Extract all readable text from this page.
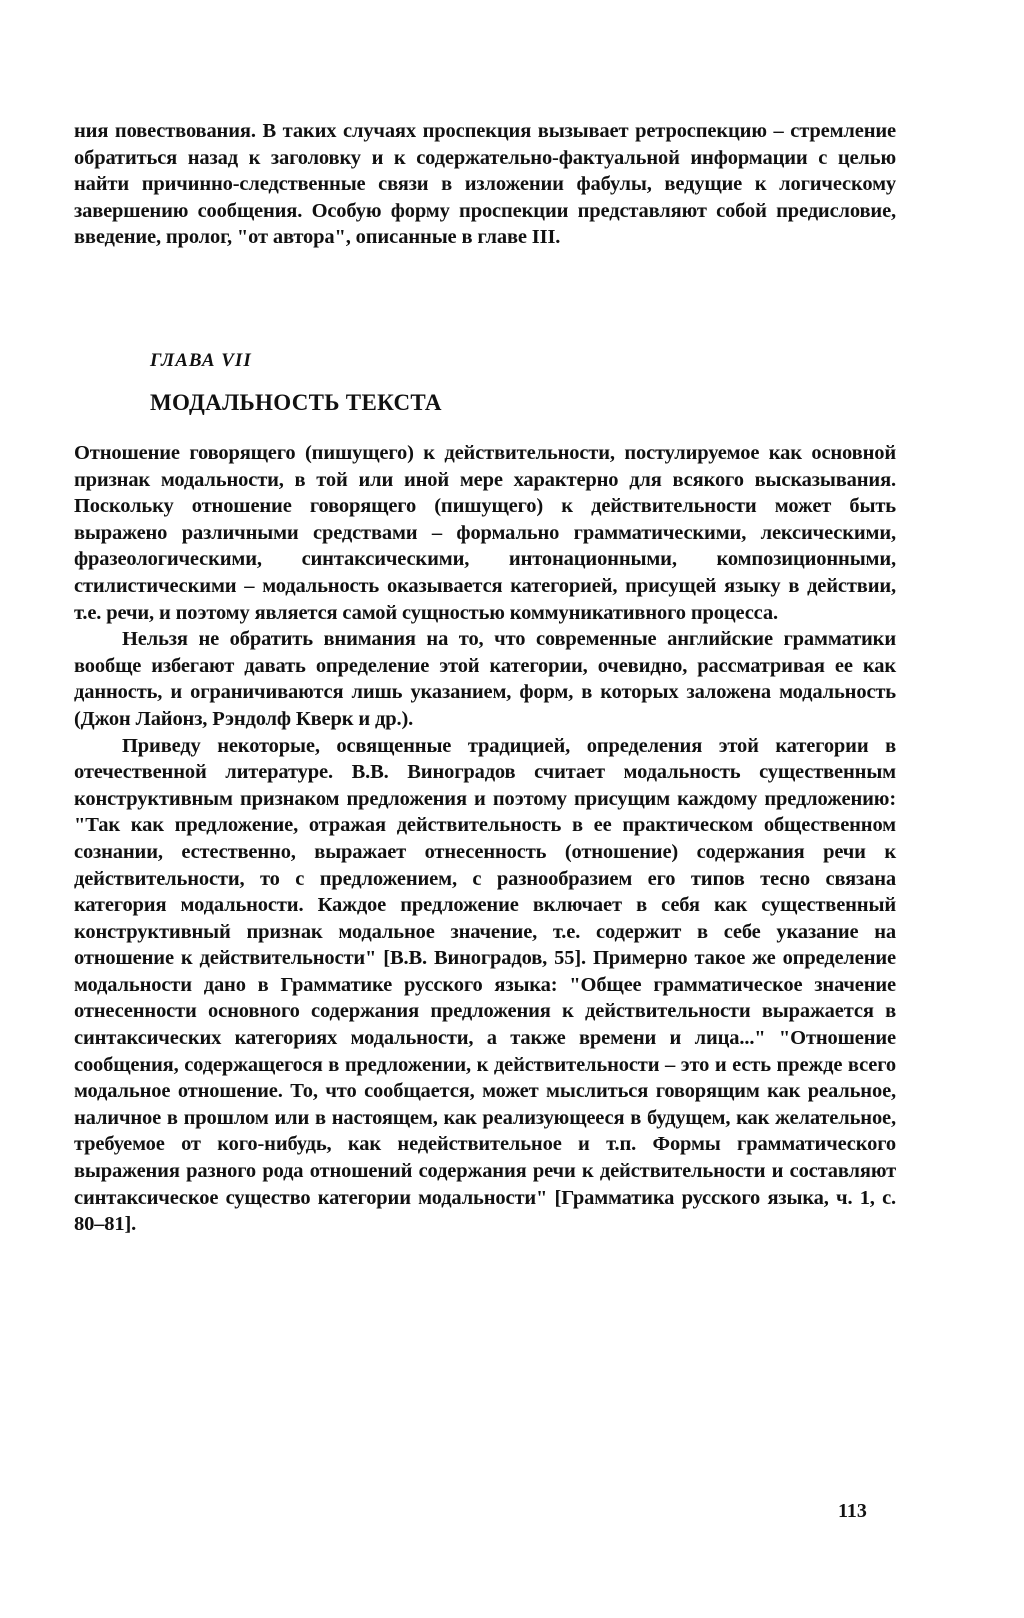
ния повествования. В таких случаях проспекция вызывает ретроспекцию – стремление обратиться назад к заголовку и к содержательно-фактуальной информации с целью найти причинно-следственные связи в изложении фабулы, ведущие к логическому завершению сообщения. Особую форму проспекции представляют собой предисловие, введение, пролог, "от автора", описанные в главе III.

ГЛАВА VII
МОДАЛЬНОСТЬ ТЕКСТА

Отношение говорящего (пишущего) к действительности, постулируемое как основной признак модальности, в той или иной мере характерно для всякого высказывания. Поскольку отношение говорящего (пишущего) к действительности может быть выражено различными средствами – формально грамматическими, лексическими, фразеологическими, синтаксическими, интонационными, композиционными, стилистическими – модальность оказывается категорией, присущей языку в действии, т.е. речи, и поэтому является самой сущностью коммуникативного процесса.

Нельзя не обратить внимания на то, что современные английские грамматики вообще избегают давать определение этой категории, очевидно, рассматривая ее как данность, и ограничиваются лишь указанием, форм, в которых заложена модальность (Джон Лайонз, Рэндолф Кверк и др.).

Приведу некоторые, освященные традицией, определения этой категории в отечественной литературе. В.В. Виноградов считает модальность существенным конструктивным признаком предложения и поэтому присущим каждому предложению: "Так как предложение, отражая действительность в ее практическом общественном сознании, естественно, выражает отнесенность (отношение) содержания речи к действительности, то с предложением, с разнообразием его типов тесно связана категория модальности. Каждое предложение включает в себя как существенный конструктивный признак модальное значение, т.е. содержит в себе указание на отношение к действительности" [В.В. Виноградов, 55]. Примерно такое же определение модальности дано в Грамматике русского языка: "Общее грамматическое значение отнесенности основного содержания предложения к действительности выражается в синтаксических категориях модальности, а также времени и лица..." "Отношение сообщения, содержащегося в предложении, к действительности – это и есть прежде всего модальное отношение. То, что сообщается, может мыслиться говорящим как реальное, наличное в прошлом или в настоящем, как реализующееся в будущем, как желательное, требуемое от кого-нибудь, как недействительное и т.п. Формы грамматического выражения разного рода отношений содержания речи к действительности и составляют синтаксическое существо категории модальности" [Грамматика русского языка, ч. 1, с. 80–81].

113
